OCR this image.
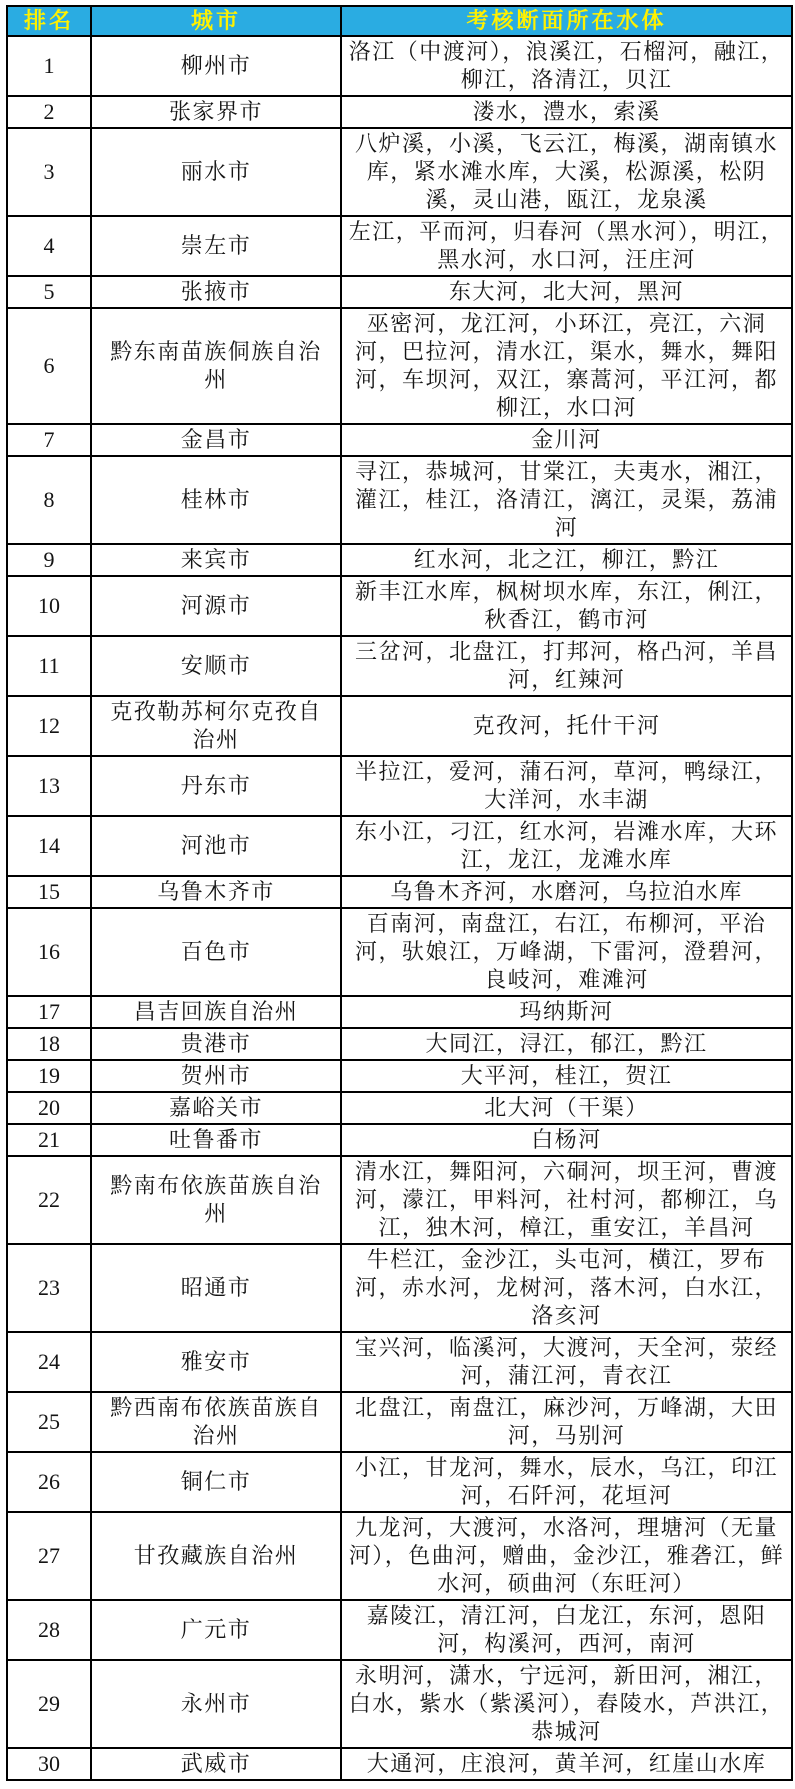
排名	城市	考核断面所在水体
1	柳州市	洛江（中渡河），浪溪江，石榴河，融江，柳江，洛清江，贝江
2	张家界市	溇水，澧水，索溪
3	丽水市	八炉溪，小溪，飞云江，梅溪，湖南镇水库，紧水滩水库，大溪，松源溪，松阴溪，灵山港，瓯江，龙泉溪
4	崇左市	左江，平而河，归春河（黑水河），明江，黑水河，水口河，汪庄河
5	张掖市	东大河，北大河，黑河
6	黔东南苗族侗族自治州	巫密河，龙江河，小环江，亮江，六洞河，巴拉河，清水江，渠水，舞水，舞阳河，车坝河，双江，寨蒿河，平江河，都柳江，水口河
7	金昌市	金川河
8	桂林市	寻江，恭城河，甘棠江，夫夷水，湘江，灌江，桂江，洛清江，漓江，灵渠，荔浦河
9	来宾市	红水河，北之江，柳江，黔江
10	河源市	新丰江水库，枫树坝水库，东江，俐江，秋香江，鹤市河
11	安顺市	三岔河，北盘江，打邦河，格凸河，羊昌河，红辣河
12	克孜勒苏柯尔克孜自治州	克孜河，托什干河
13	丹东市	半拉江，爱河，蒲石河，草河，鸭绿江，大洋河，水丰湖
14	河池市	东小江，刁江，红水河，岩滩水库，大环江，龙江，龙滩水库
15	乌鲁木齐市	乌鲁木齐河，水磨河，乌拉泊水库
16	百色市	百南河，南盘江，右江，布柳河，平治河，驮娘江，万峰湖，下雷河，澄碧河，良岐河，难滩河
17	昌吉回族自治州	玛纳斯河
18	贵港市	大同江，浔江，郁江，黔江
19	贺州市	大平河，桂江，贺江
20	嘉峪关市	北大河（干渠）
21	吐鲁番市	白杨河
22	黔南布依族苗族自治州	清水江，舞阳河，六硐河，坝王河，曹渡河，濛江，甲料河，社村河，都柳江，乌江，独木河，樟江，重安江，羊昌河
23	昭通市	牛栏江，金沙江，头屯河，横江，罗布河，赤水河，龙树河，落木河，白水江，洛亥河
24	雅安市	宝兴河，临溪河，大渡河，天全河，荥经河，蒲江河，青衣江
25	黔西南布依族苗族自治州	北盘江，南盘江，麻沙河，万峰湖，大田河，马别河
26	铜仁市	小江，甘龙河，舞水，辰水，乌江，印江河，石阡河，花垣河
27	甘孜藏族自治州	九龙河，大渡河，水洛河，理塘河（无量河），色曲河，赠曲，金沙江，雅砻江，鲜水河，硕曲河（东旺河）
28	广元市	嘉陵江，清江河，白龙江，东河，恩阳河，构溪河，西河，南河
29	永州市	永明河，潇水，宁远河，新田河，湘江，白水，紫水（紫溪河），舂陵水，芦洪江，恭城河
30	武威市	大通河，庄浪河，黄羊河，红崖山水库
